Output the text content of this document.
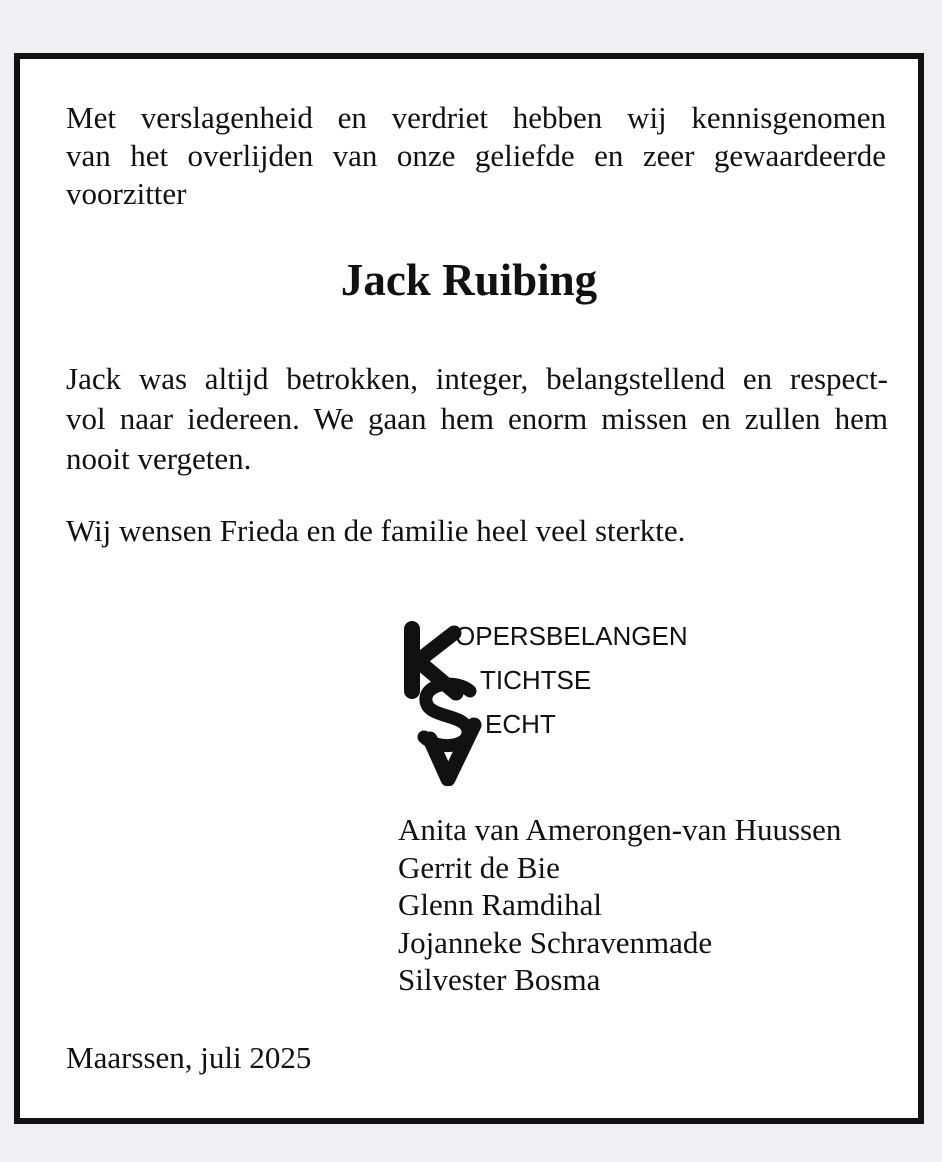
Met verslagenheid en verdriet hebben wij kennisgenomen
van het overlijden van onze geliefde en zeer gewaardeerde
voorzitter

Jack Ruibing

Jack was altijd betrokken, integer, belangstellend en respect-
vol naar iedereen. We gaan hem enorm missen en zullen hem
nooit vergeten.

Wij wensen Frieda en de familie heel veel sterkte.

OPERSBELANGEN
TICHTSE
ECHT
Anita van Amerongen-van Huussen
Gerrit de Bie
Glenn Ramdihal
Jojanneke Schravenmade
Silvester Bosma

Maarssen, juli 2025
